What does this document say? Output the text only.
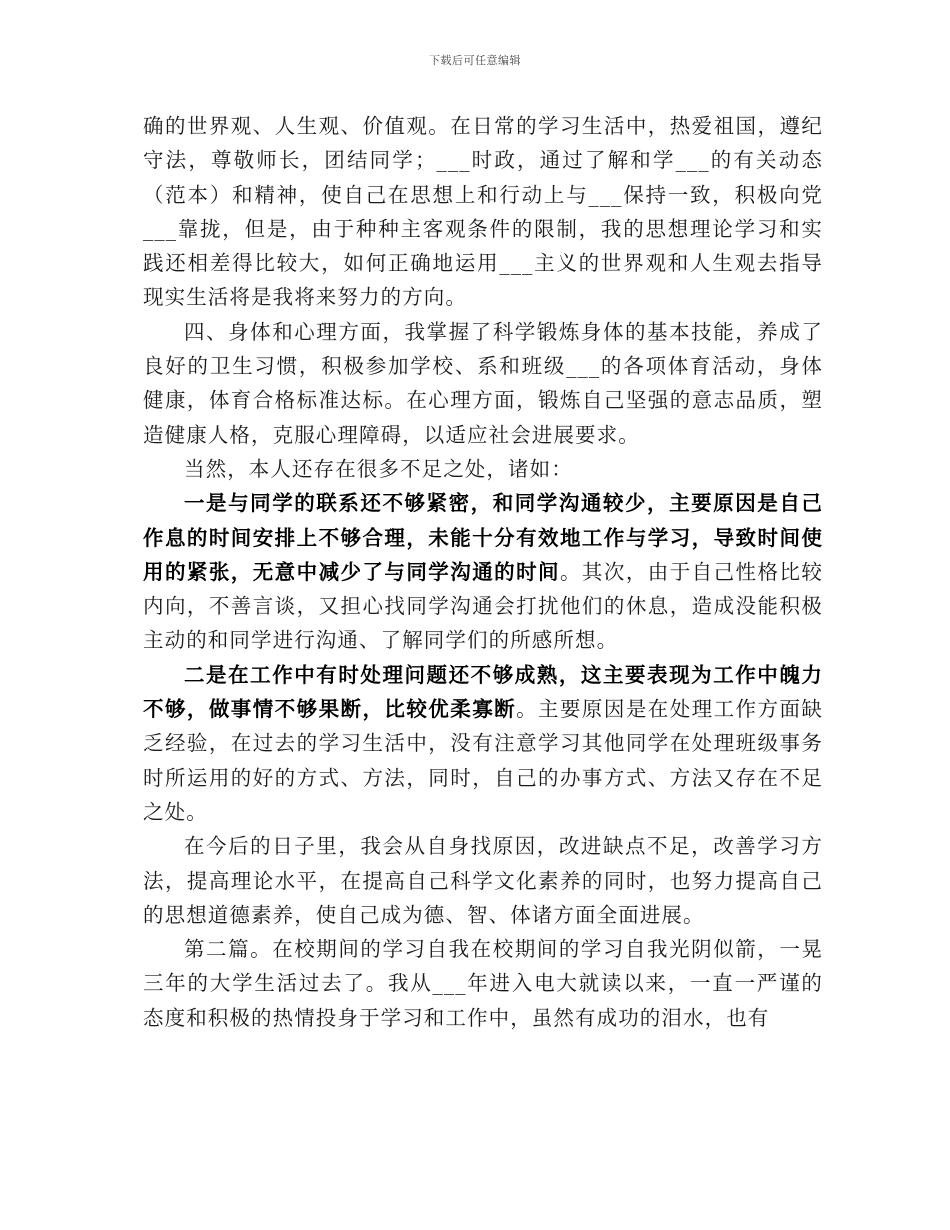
下载后可任意编辑

确的世界观、人生观、价值观。在日常的学习生活中，热爱祖国，遵纪守法，尊敬师长，团结同学；___时政，通过了解和学___的有关动态（范本）和精神，使自己在思想上和行动上与___保持一致，积极向党___靠拢，但是，由于种种主客观条件的限制，我的思想理论学习和实践还相差得比较大，如何正确地运用___主义的世界观和人生观去指导现实生活将是我将来努力的方向。

四、身体和心理方面，我掌握了科学锻炼身体的基本技能，养成了良好的卫生习惯，积极参加学校、系和班级___的各项体育活动，身体健康，体育合格标准达标。在心理方面，锻炼自己坚强的意志品质，塑造健康人格，克服心理障碍，以适应社会进展要求。

当然，本人还存在很多不足之处，诸如：

一是与同学的联系还不够紧密，和同学沟通较少，主要原因是自己作息的时间安排上不够合理，未能十分有效地工作与学习，导致时间使用的紧张，无意中减少了与同学沟通的时间。其次，由于自己性格比较内向，不善言谈，又担心找同学沟通会打扰他们的休息，造成没能积极主动的和同学进行沟通、了解同学们的所感所想。

二是在工作中有时处理问题还不够成熟，这主要表现为工作中魄力不够，做事情不够果断，比较优柔寡断。主要原因是在处理工作方面缺乏经验，在过去的学习生活中，没有注意学习其他同学在处理班级事务时所运用的好的方式、方法，同时，自己的办事方式、方法又存在不足之处。

在今后的日子里，我会从自身找原因，改进缺点不足，改善学习方法，提高理论水平，在提高自己科学文化素养的同时，也努力提高自己的思想道德素养，使自己成为德、智、体诸方面全面进展。

第二篇。在校期间的学习自我在校期间的学习自我光阴似箭，一晃三年的大学生活过去了。我从___年进入电大就读以来，一直一严谨的态度和积极的热情投身于学习和工作中，虽然有成功的泪水，也有
